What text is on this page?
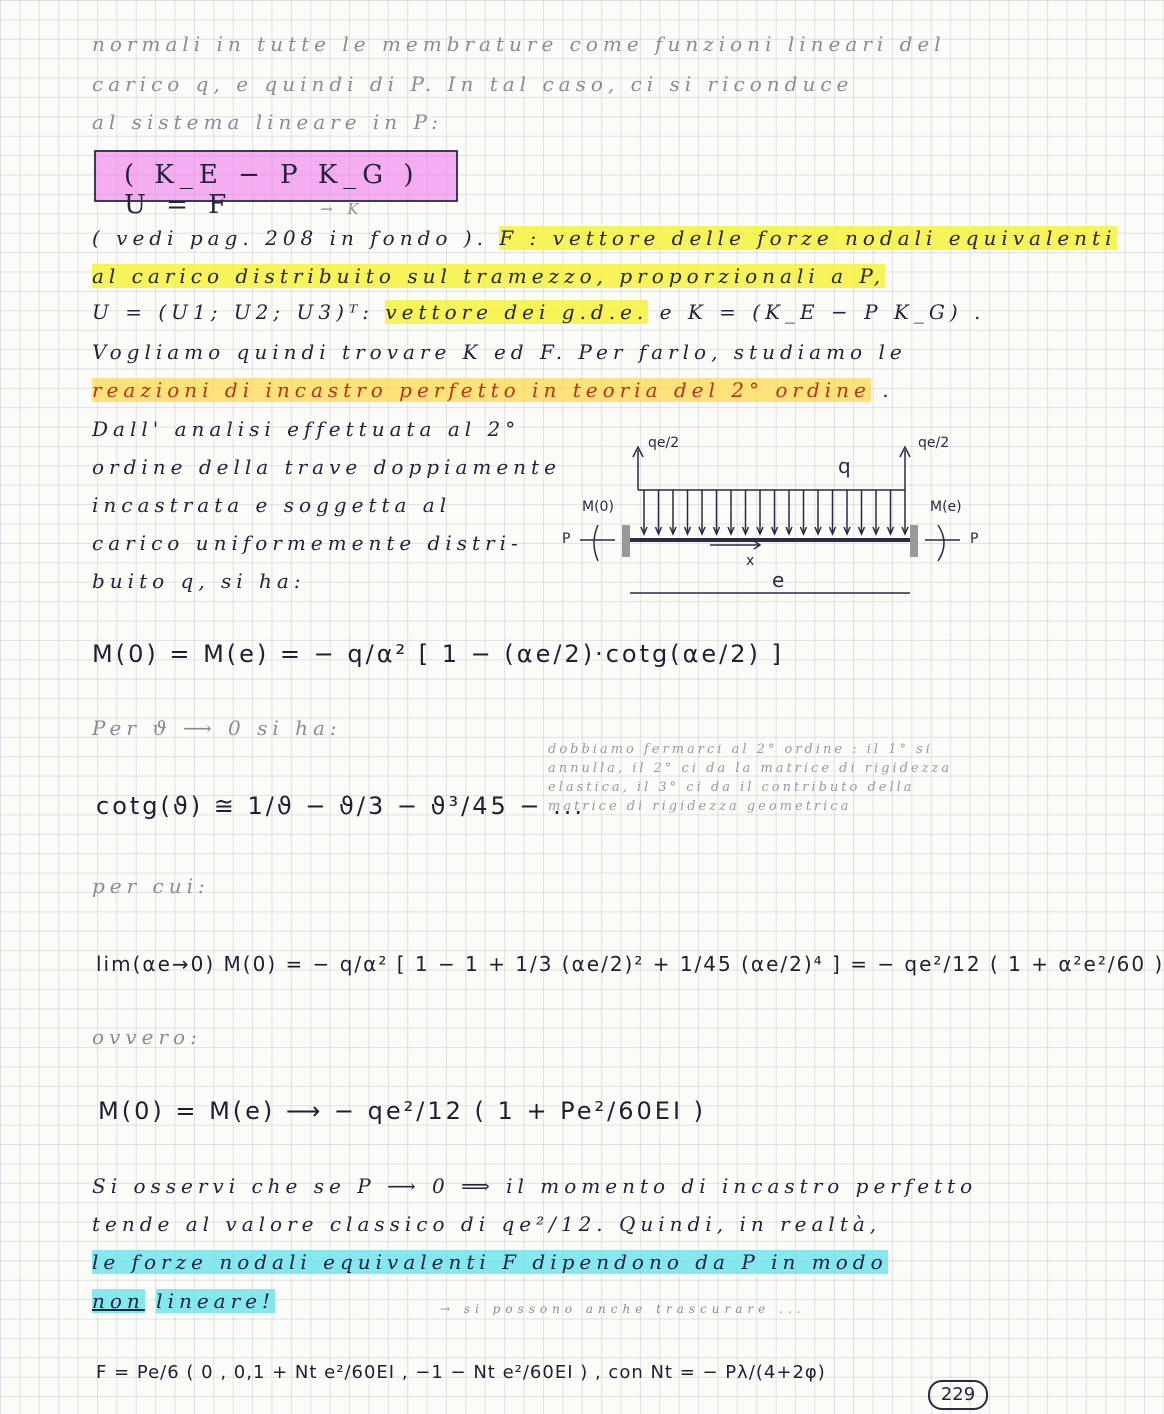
normali in tutte le membrature come funzioni lineari del
carico q, e quindi di P. In tal caso, ci si riconduce
al sistema lineare in P:
( K_E − P K_G ) U = F	→ K
( vedi pag. 208 in fondo ). F : vettore delle forze nodali equivalenti
al carico distribuito sul tramezzo, proporzionali a P,
U = (U1; U2; U3)ᵀ: vettore dei g.d.e. e K = (K_E − P K_G) .
Vogliamo quindi trovare K ed F. Per farlo, studiamo le
reazioni di incastro perfetto in teoria del 2° ordine .
Dall' analisi effettuata al 2°
ordine della trave doppiamente
incastrata e soggetta al
carico uniformemente distri-
buito q, si ha:
q
qe/2	qe/2
M(0)	M(e)
P	P
x
e
M(0) = M(e) = − q/α² [ 1 − (αe/2)·cotg(αe/2) ]
Per ϑ ⟶ 0 si ha:
cotg(ϑ) ≅ 1/ϑ − ϑ/3 − ϑ³/45 − ...
dobbiamo fermarci al 2° ordine : il 1° si annulla, il 2° ci da la matrice di rigidezza elastica, il 3° ci da il contributo della matrice di rigidezza geometrica
per cui:
lim(αe→0) M(0) = − q/α² [ 1 − 1 + 1/3 (αe/2)² + 1/45 (αe/2)⁴ ] = − qe²/12 ( 1 + α²e²/60 )
ovvero:
M(0) = M(e) ⟶ − qe²/12 ( 1 + Pe²/60EI )
Si osservi che se P ⟶ 0 ⟹ il momento di incastro perfetto
tende al valore classico di qe²/12. Quindi, in realtà,
le forze nodali equivalenti F dipendono da P in modo
non lineare!	→ si possono anche trascurare ...
F = Pe/6 ( 0 , 0,1 + Nt e²/60EI , −1 − Nt e²/60EI ) , con Nt = − Pλ/(4+2φ)
229
